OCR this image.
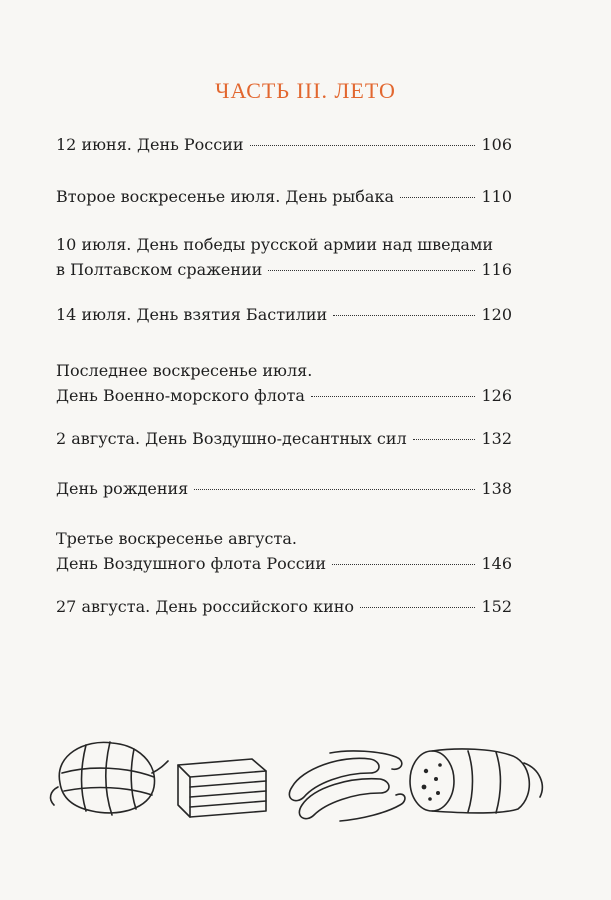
ЧАСТЬ III. ЛЕТО
12 июня. День России	106
Второе воскресенье июля. День рыбака	110
10 июля. День победы русской армии над шведами
в Полтавском сражении	116
14 июля. День взятия Бастилии	120
Последнее воскресенье июля.
День Военно-морского флота	126
2 августа. День Воздушно-десантных сил	132
День рождения	138
Третье воскресенье августа.
День Воздушного флота России	146
27 августа. День российского кино	152
